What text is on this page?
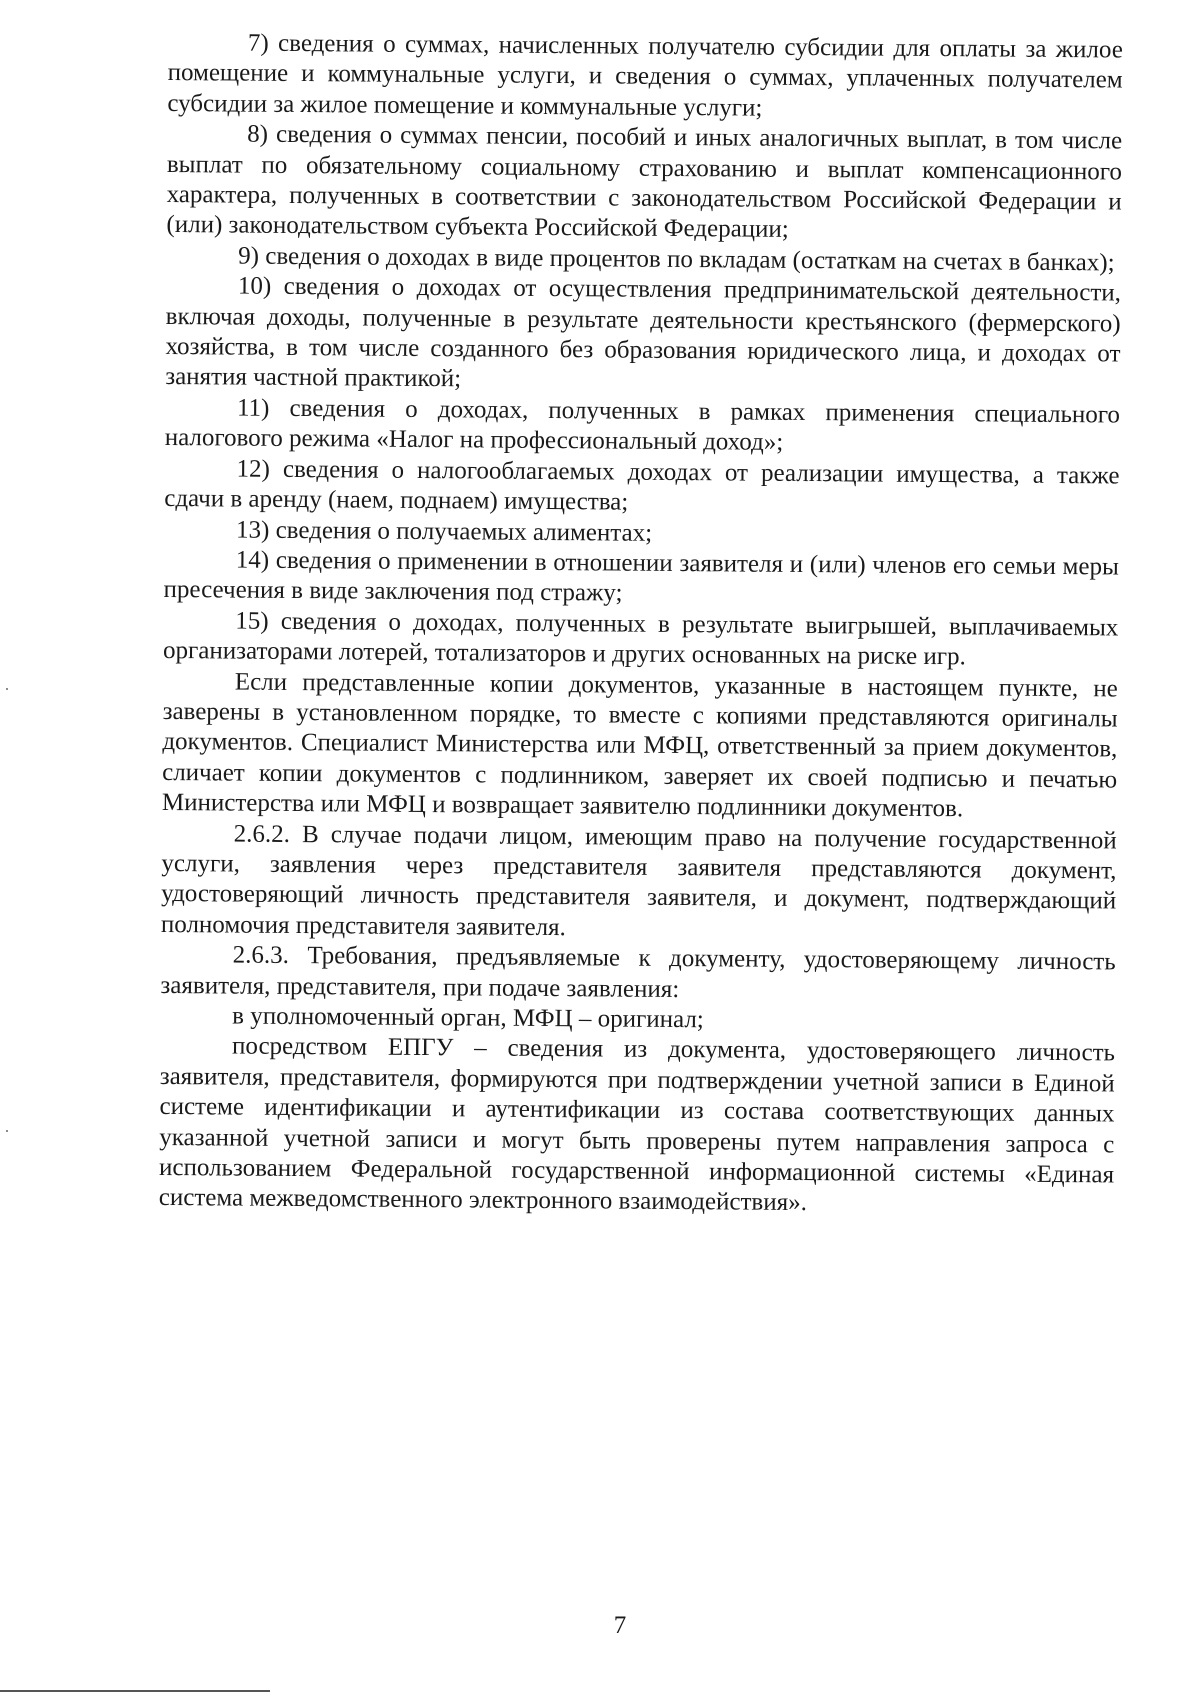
7) сведения о суммах, начисленных получателю субсидии для оплаты за жилое помещение и коммунальные услуги, и сведения о суммах, уплаченных получателем субсидии за жилое помещение и коммунальные услуги;

8) сведения о суммах пенсии, пособий и иных аналогичных выплат, в том числе выплат по обязательному социальному страхованию и выплат компенсационного характера, полученных в соответствии с законодательством Российской Федерации и (или) законодательством субъекта Российской Федерации;

9) сведения о доходах в виде процентов по вкладам (остаткам на счетах в банках);

10) сведения о доходах от осуществления предпринимательской деятельности, включая доходы, полученные в результате деятельности крестьянского (фермерского) хозяйства, в том числе созданного без образования юридического лица, и доходах от занятия частной практикой;

11) сведения о доходах, полученных в рамках применения специального налогового режима «Налог на профессиональный доход»;

12) сведения о налогооблагаемых доходах от реализации имущества, а также сдачи в аренду (наем, поднаем) имущества;

13) сведения о получаемых алиментах;

14) сведения о применении в отношении заявителя и (или) членов его семьи меры пресечения в виде заключения под стражу;

15) сведения о доходах, полученных в результате выигрышей, выплачиваемых организаторами лотерей, тотализаторов и других основанных на риске игр.

Если представленные копии документов, указанные в настоящем пункте, не заверены в установленном порядке, то вместе с копиями представляются оригиналы документов. Специалист Министерства или МФЦ, ответственный за прием документов, сличает копии документов с подлинником, заверяет их своей подписью и печатью Министерства или МФЦ и возвращает заявителю подлинники документов.

2.6.2. В случае подачи лицом, имеющим право на получение государственной услуги, заявления через представителя заявителя представляются документ, удостоверяющий личность представителя заявителя, и документ, подтверждающий полномочия представителя заявителя.

2.6.3. Требования, предъявляемые к документу, удостоверяющему личность заявителя, представителя, при подаче заявления:

в уполномоченный орган, МФЦ – оригинал;

посредством ЕПГУ – сведения из документа, удостоверяющего личность заявителя, представителя, формируются при подтверждении учетной записи в Единой системе идентификации и аутентификации из состава соответствующих данных указанной учетной записи и могут быть проверены путем направления запроса с использованием Федеральной государственной информационной системы «Единая система межведомственного электронного взаимодействия».

7
